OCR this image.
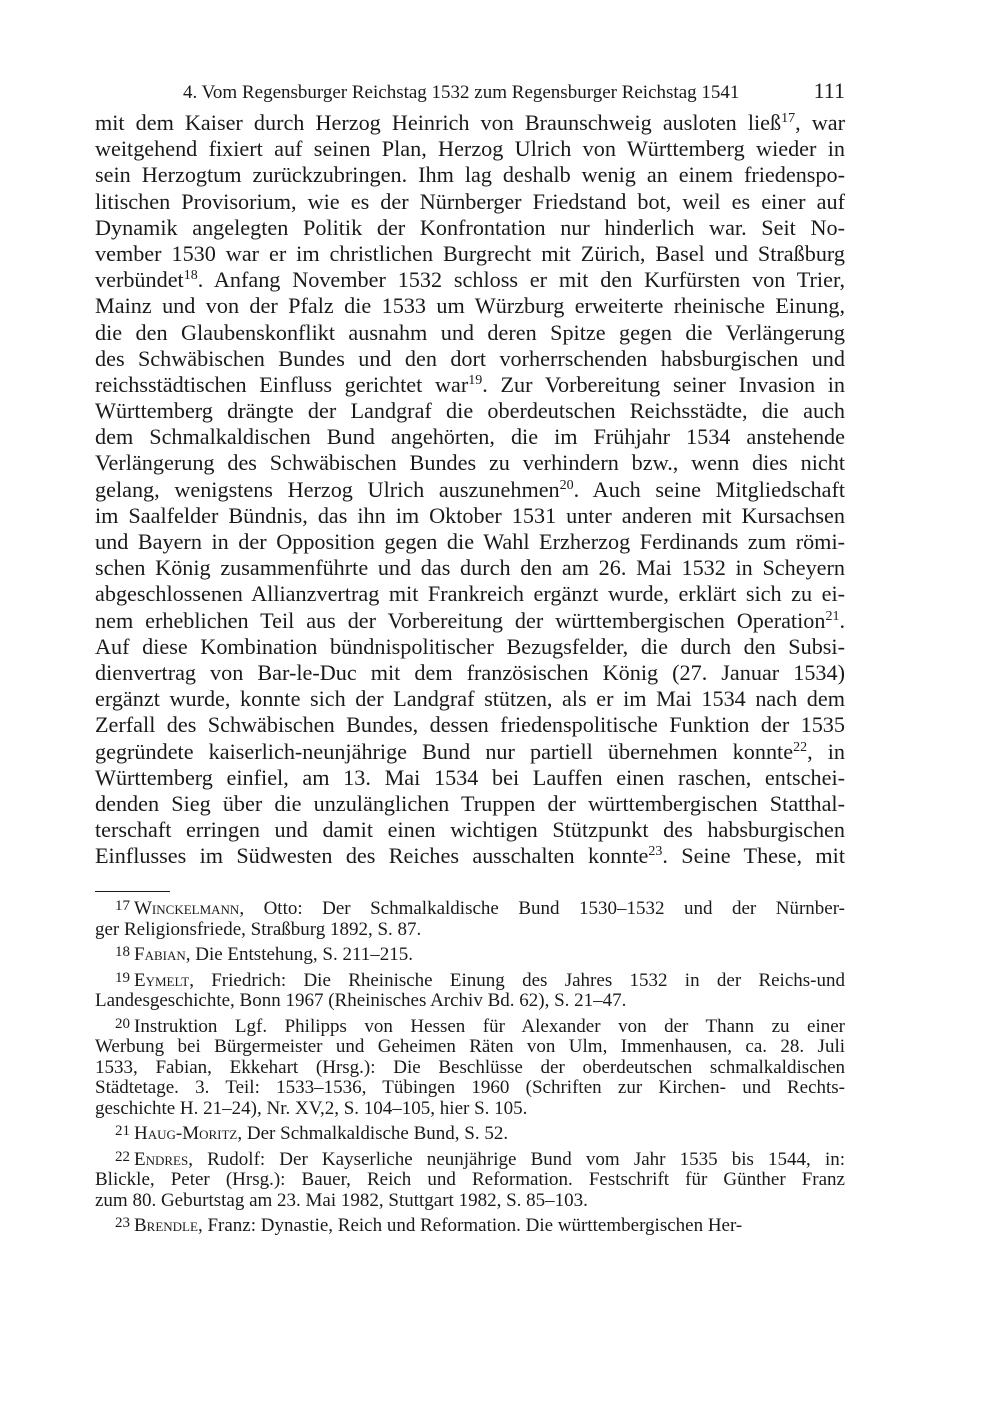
4. Vom Regensburger Reichstag 1532 zum Regensburger Reichstag 1541	111
mit dem Kaiser durch Herzog Heinrich von Braunschweig ausloten ließ$^{17}$, war
weitgehend fixiert auf seinen Plan, Herzog Ulrich von Württemberg wieder in
sein Herzogtum zurückzubringen. Ihm lag deshalb wenig an einem friedenspo-
litischen Provisorium, wie es der Nürnberger Friedstand bot, weil es einer auf
Dynamik angelegten Politik der Konfrontation nur hinderlich war. Seit No-
vember 1530 war er im christlichen Burgrecht mit Zürich, Basel und Straßburg
verbündet$^{18}$. Anfang November 1532 schloss er mit den Kurfürsten von Trier,
Mainz und von der Pfalz die 1533 um Würzburg erweiterte rheinische Einung,
die den Glaubenskonflikt ausnahm und deren Spitze gegen die Verlängerung
des Schwäbischen Bundes und den dort vorherrschenden habsburgischen und
reichsstädtischen Einfluss gerichtet war$^{19}$. Zur Vorbereitung seiner Invasion in
Württemberg drängte der Landgraf die oberdeutschen Reichsstädte, die auch
dem Schmalkaldischen Bund angehörten, die im Frühjahr 1534 anstehende
Verlängerung des Schwäbischen Bundes zu verhindern bzw., wenn dies nicht
gelang, wenigstens Herzog Ulrich auszunehmen$^{20}$. Auch seine Mitgliedschaft
im Saalfelder Bündnis, das ihn im Oktober 1531 unter anderen mit Kursachsen
und Bayern in der Opposition gegen die Wahl Erzherzog Ferdinands zum römi-
schen König zusammenführte und das durch den am 26. Mai 1532 in Scheyern
abgeschlossenen Allianzvertrag mit Frankreich ergänzt wurde, erklärt sich zu ei-
nem erheblichen Teil aus der Vorbereitung der württembergischen Operation$^{21}$.
Auf diese Kombination bündnispolitischer Bezugsfelder, die durch den Subsi-
dienvertrag von Bar-le-Duc mit dem französischen König (27. Januar 1534)
ergänzt wurde, konnte sich der Landgraf stützen, als er im Mai 1534 nach dem
Zerfall des Schwäbischen Bundes, dessen friedenspolitische Funktion der 1535
gegründete kaiserlich-neunjährige Bund nur partiell übernehmen konnte$^{22}$, in
Württemberg einfiel, am 13. Mai 1534 bei Lauffen einen raschen, entschei-
denden Sieg über die unzulänglichen Truppen der württembergischen Statthal-
terschaft erringen und damit einen wichtigen Stützpunkt des habsburgischen
Einflusses im Südwesten des Reiches ausschalten konnte$^{23}$. Seine These, mit
$^{17}$ Winckelmann, Otto: Der Schmalkaldische Bund 1530–1532 und der Nürnber-
ger Religionsfriede, Straßburg 1892, S. 87.
$^{18}$ Fabian, Die Entstehung, S. 211–215.
$^{19}$ Eymelt, Friedrich: Die Rheinische Einung des Jahres 1532 in der Reichs-und
Landesgeschichte, Bonn 1967 (Rheinisches Archiv Bd. 62), S. 21–47.
$^{20}$ Instruktion Lgf. Philipps von Hessen für Alexander von der Thann zu einer
Werbung bei Bürgermeister und Geheimen Räten von Ulm, Immenhausen, ca. 28. Juli
1533, Fabian, Ekkehart (Hrsg.): Die Beschlüsse der oberdeutschen schmalkaldischen
Städtetage. 3. Teil: 1533–1536, Tübingen 1960 (Schriften zur Kirchen- und Rechts-
geschichte H. 21–24), Nr. XV,2, S. 104–105, hier S. 105.
$^{21}$ Haug-Moritz, Der Schmalkaldische Bund, S. 52.
$^{22}$ Endres, Rudolf: Der Kayserliche neunjährige Bund vom Jahr 1535 bis 1544, in:
Blickle, Peter (Hrsg.): Bauer, Reich und Reformation. Festschrift für Günther Franz
zum 80. Geburtstag am 23. Mai 1982, Stuttgart 1982, S. 85–103.
$^{23}$ Brendle, Franz: Dynastie, Reich und Reformation. Die württembergischen Her-
